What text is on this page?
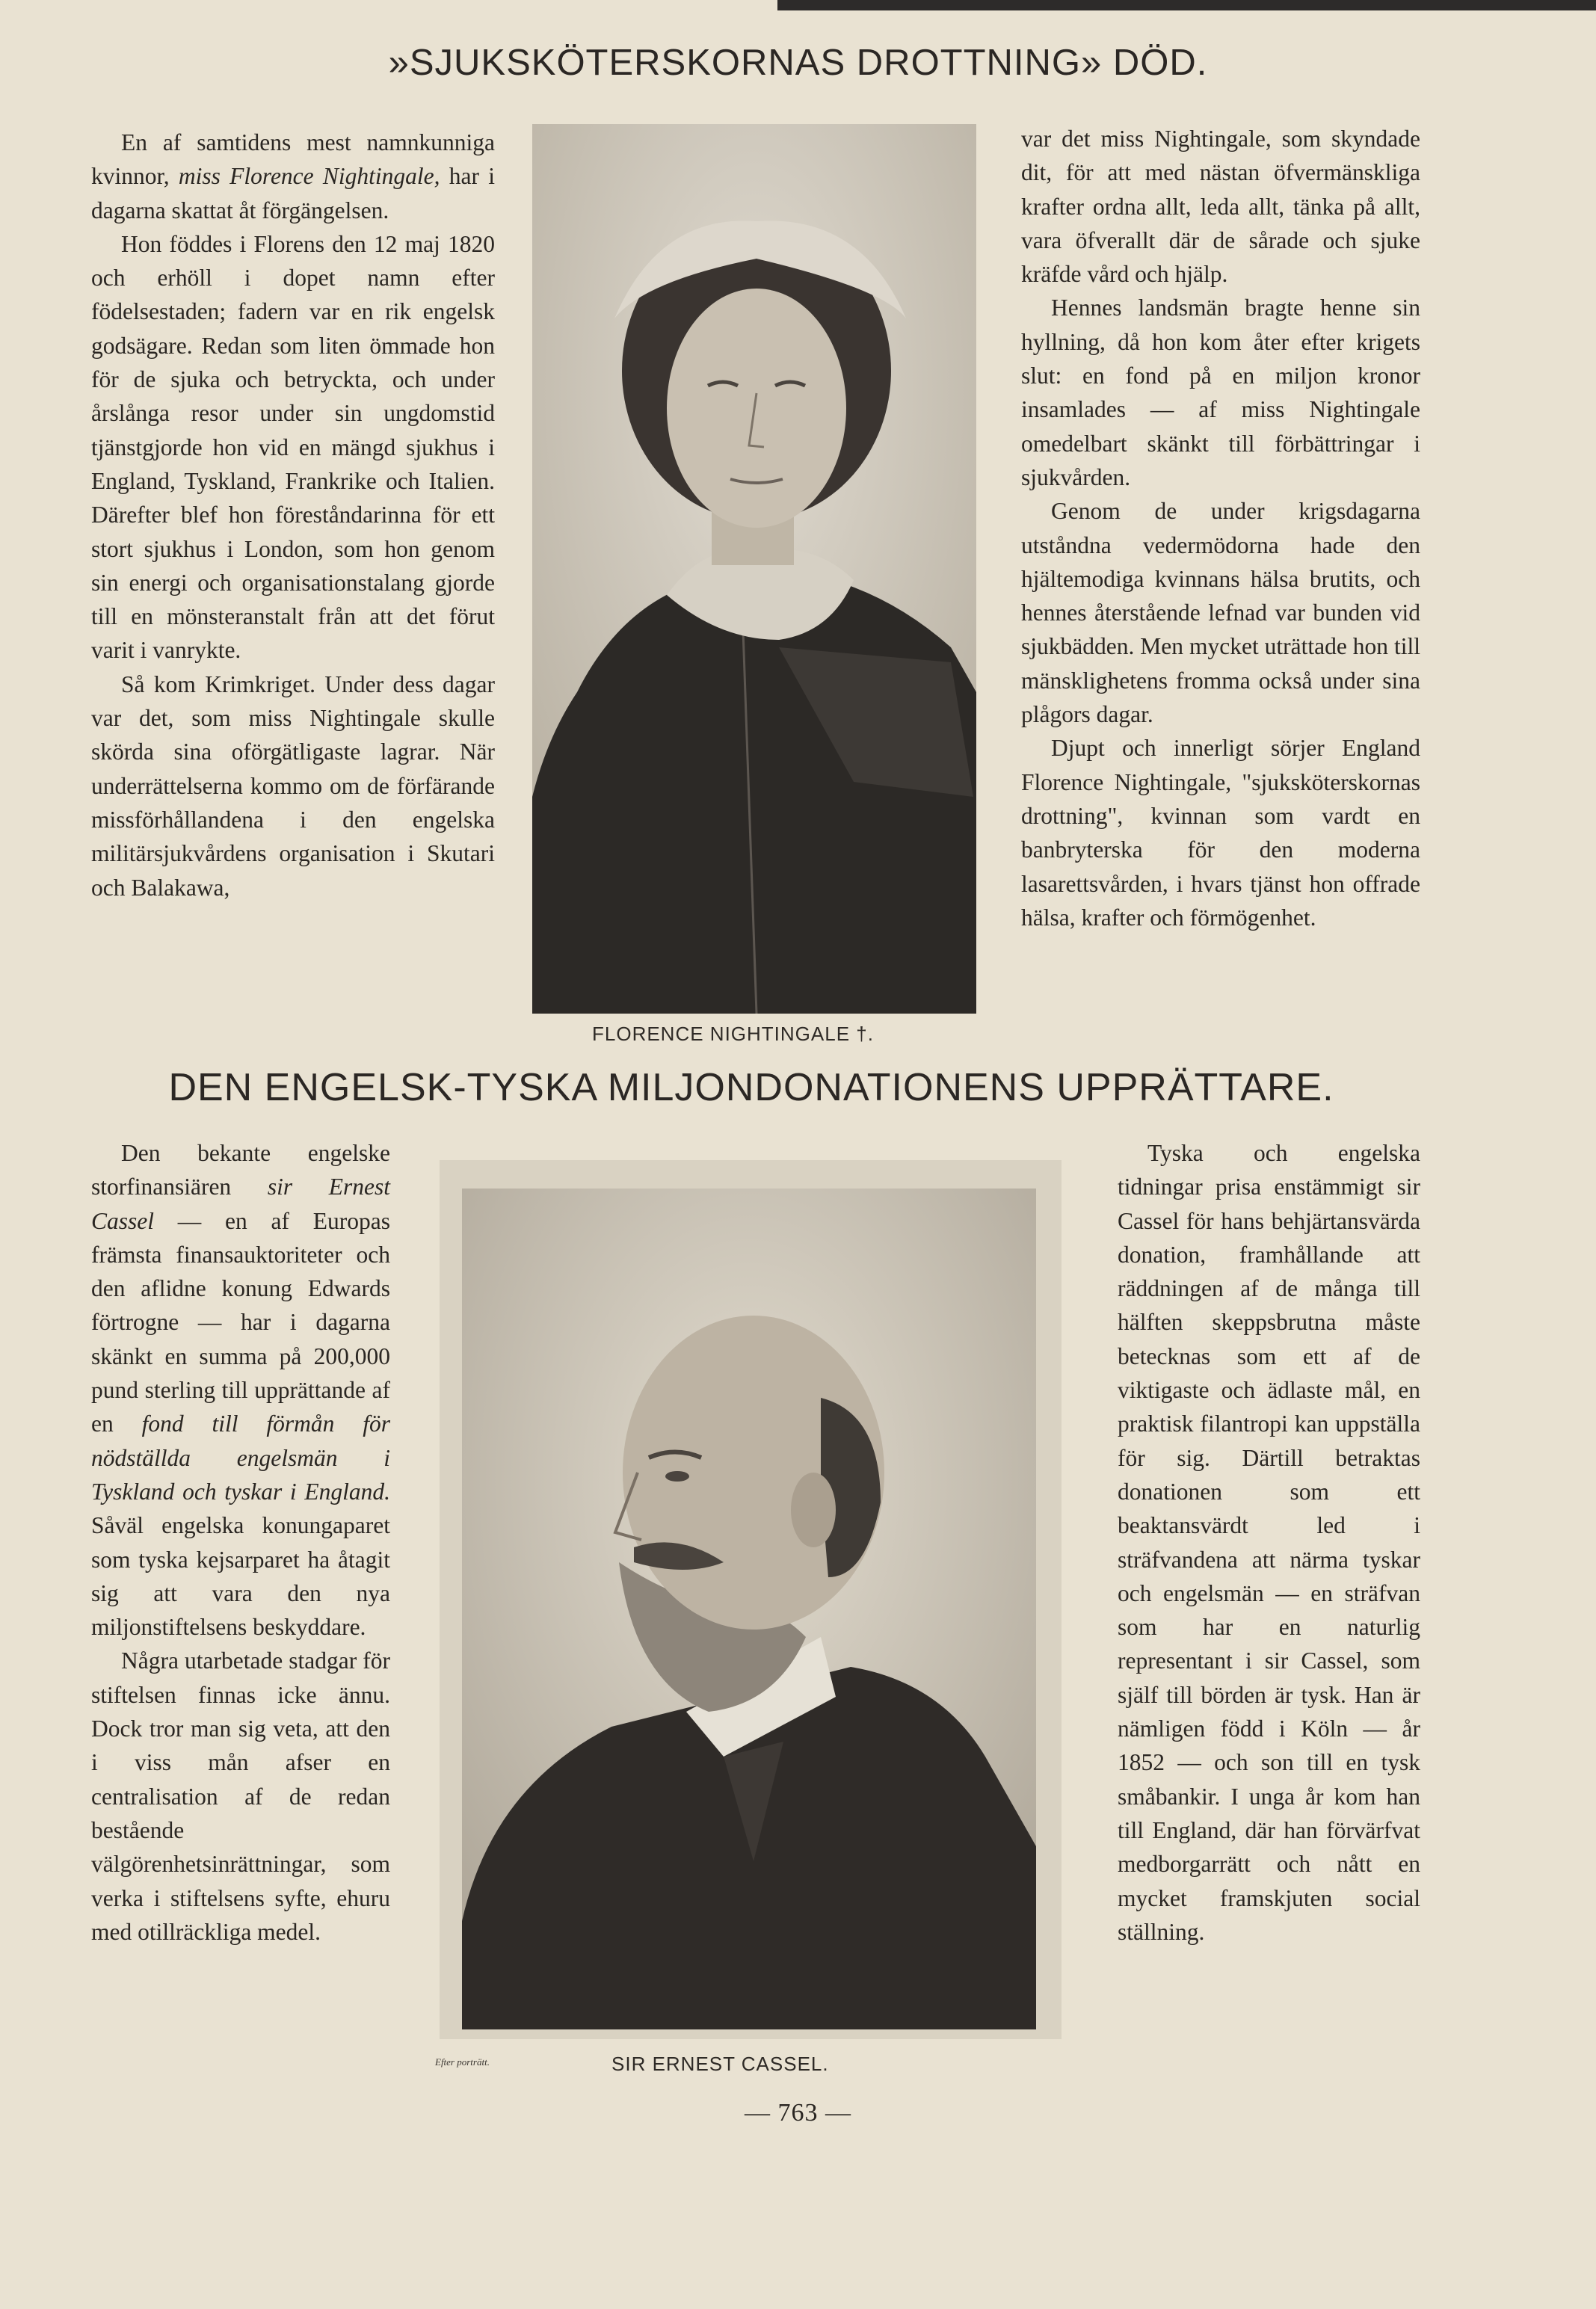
»SJUKSKÖTERSKORNAS DROTTNING» DÖD.

En af samtidens mest namnkunniga kvinnor, miss Florence Nightingale, har i dagarna skattat åt förgängelsen.

Hon föddes i Florens den 12 maj 1820 och erhöll i dopet namn efter födelsestaden; fadern var en rik engelsk godsägare. Redan som liten ömmade hon för de sjuka och betryckta, och under årslånga resor under sin ungdomstid tjänstgjorde hon vid en mängd sjukhus i England, Tyskland, Frankrike och Italien. Därefter blef hon föreståndarinna för ett stort sjukhus i London, som hon genom sin energi och organisationstalang gjorde till en mönsteranstalt från att det förut varit i vanrykte.

Så kom Krimkriget. Under dess dagar var det, som miss Nightingale skulle skörda sina oförgätligaste lagrar. När underrättelserna kommo om de förfärande missförhållandena i den engelska militärsjukvårdens organisation i Skutari och Balakawa,

FLORENCE NIGHTINGALE †.

var det miss Nightingale, som skyndade dit, för att med nästan öfvermänskliga krafter ordna allt, leda allt, tänka på allt, vara öfverallt där de sårade och sjuke kräfde vård och hjälp.

Hennes landsmän bragte henne sin hyllning, då hon kom åter efter krigets slut: en fond på en miljon kronor insamlades — af miss Nightingale omedelbart skänkt till förbättringar i sjukvården.

Genom de under krigsdagarna utståndna vedermödorna hade den hjältemodiga kvinnans hälsa brutits, och hennes återstående lefnad var bunden vid sjukbädden. Men mycket uträttade hon till mänsklighetens fromma också under sina plågors dagar.

Djupt och innerligt sörjer England Florence Nightingale, "sjuksköterskornas drottning", kvinnan som vardt en banbryterska för den moderna lasarettsvården, i hvars tjänst hon offrade hälsa, krafter och förmögenhet.

DEN ENGELSK-TYSKA MILJONDONATIONENS UPPRÄTTARE.

Den bekante engelske storfinansiären sir Ernest Cassel — en af Europas främsta finansauktoriteter och den aflidne konung Edwards förtrogne — har i dagarna skänkt en summa på 200,000 pund sterling till upprättande af en fond till förmån för nödställda engelsmän i Tyskland och tyskar i England. Såväl engelska konungaparet som tyska kejsarparet ha åtagit sig att vara den nya miljonstiftelsens beskyddare.

Några utarbetade stadgar för stiftelsen finnas icke ännu. Dock tror man sig veta, att den i viss mån afser en centralisation af de redan bestående välgörenhetsinrättningar, som verka i stiftelsens syfte, ehuru med otillräckliga medel.

Efter porträtt.	SIR ERNEST CASSEL.

Tyska och engelska tidningar prisa enstämmigt sir Cassel för hans behjärtansvärda donation, framhållande att räddningen af de många till hälften skeppsbrutna måste betecknas som ett af de viktigaste och ädlaste mål, en praktisk filantropi kan uppställa för sig. Därtill betraktas donationen som ett beaktansvärdt led i sträfvandena att närma tyskar och engelsmän — en sträfvan som har en naturlig representant i sir Cassel, som själf till börden är tysk. Han är nämligen född i Köln — år 1852 — och son till en tysk småbankir. I unga år kom han till England, där han förvärfvat medborgarrätt och nått en mycket framskjuten social ställning.

— 763 —
